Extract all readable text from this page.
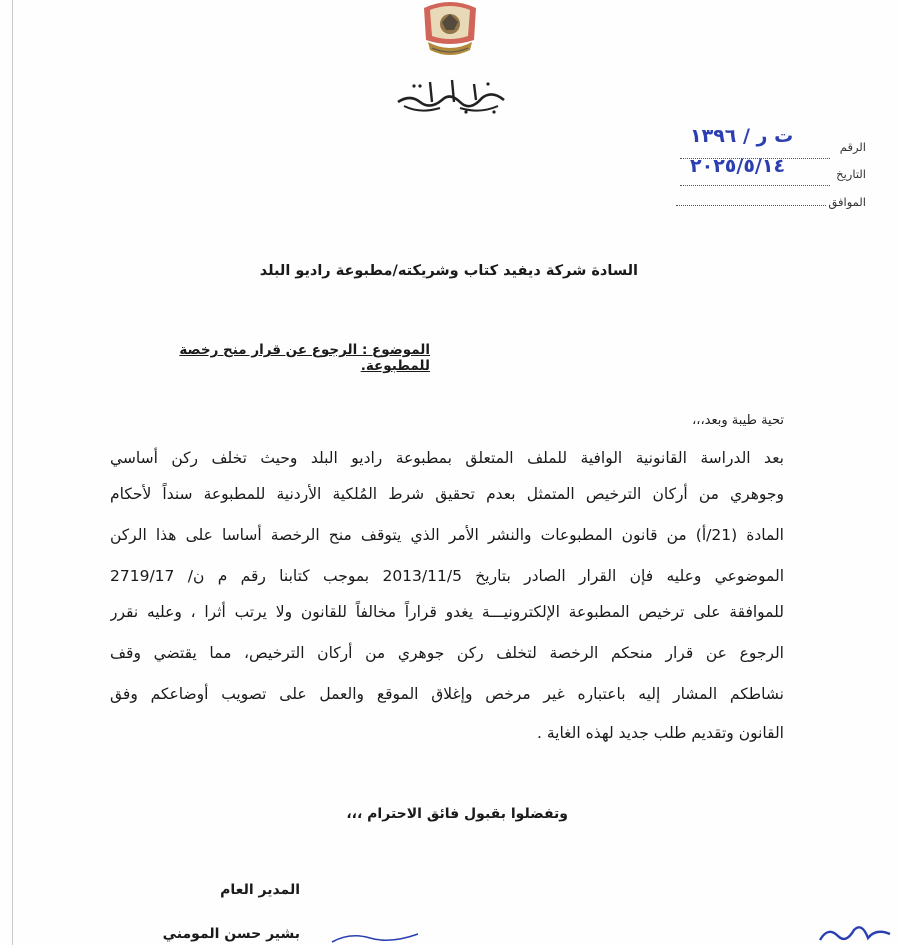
الرقم
ت ر / ١٣٩٦
التاريخ
٢٠٢٥/٥/١٤
الموافق
السادة شركة ديفيد كتاب وشريكته/مطبوعة راديو البلد
الموضوع : الرجوع عن قرار منح رخصة للمطبوعة.
تحية طيبة وبعد،،،
بعد الدراسة القانونية الوافية للملف المتعلق بمطبوعة راديو البلد وحيث تخلف ركن أساسي
وجوهري من أركان الترخيص المتمثل بعدم تحقيق شرط المُلكية الأردنية للمطبوعة سنداً لأحكام
المادة (21/أ) من قانون المطبوعات والنشر الأمر الذي يتوقف منح الرخصة أساسا على هذا الركن
الموضوعي وعليه فإن القرار الصادر بتاريخ 2013/11/5 بموجب كتابنا رقم م ن/ 2719/17
للموافقة على ترخيص المطبوعة الإلكترونيـــة يغدو قراراً مخالفاً للقانون ولا يرتب أثرا ، وعليه نقرر
الرجوع عن قرار منحكم الرخصة لتخلف ركن جوهري من أركان الترخيص، مما يقتضي وقف
نشاطكم المشار إليه باعتباره غير مرخص وإغلاق الموقع والعمل على تصويب أوضاعكم وفق
القانون وتقديم طلب جديد لهذه الغاية .
وتفضلوا بقبول فائق الاحترام ،،،
المدير العام
بشير حسن المومني
